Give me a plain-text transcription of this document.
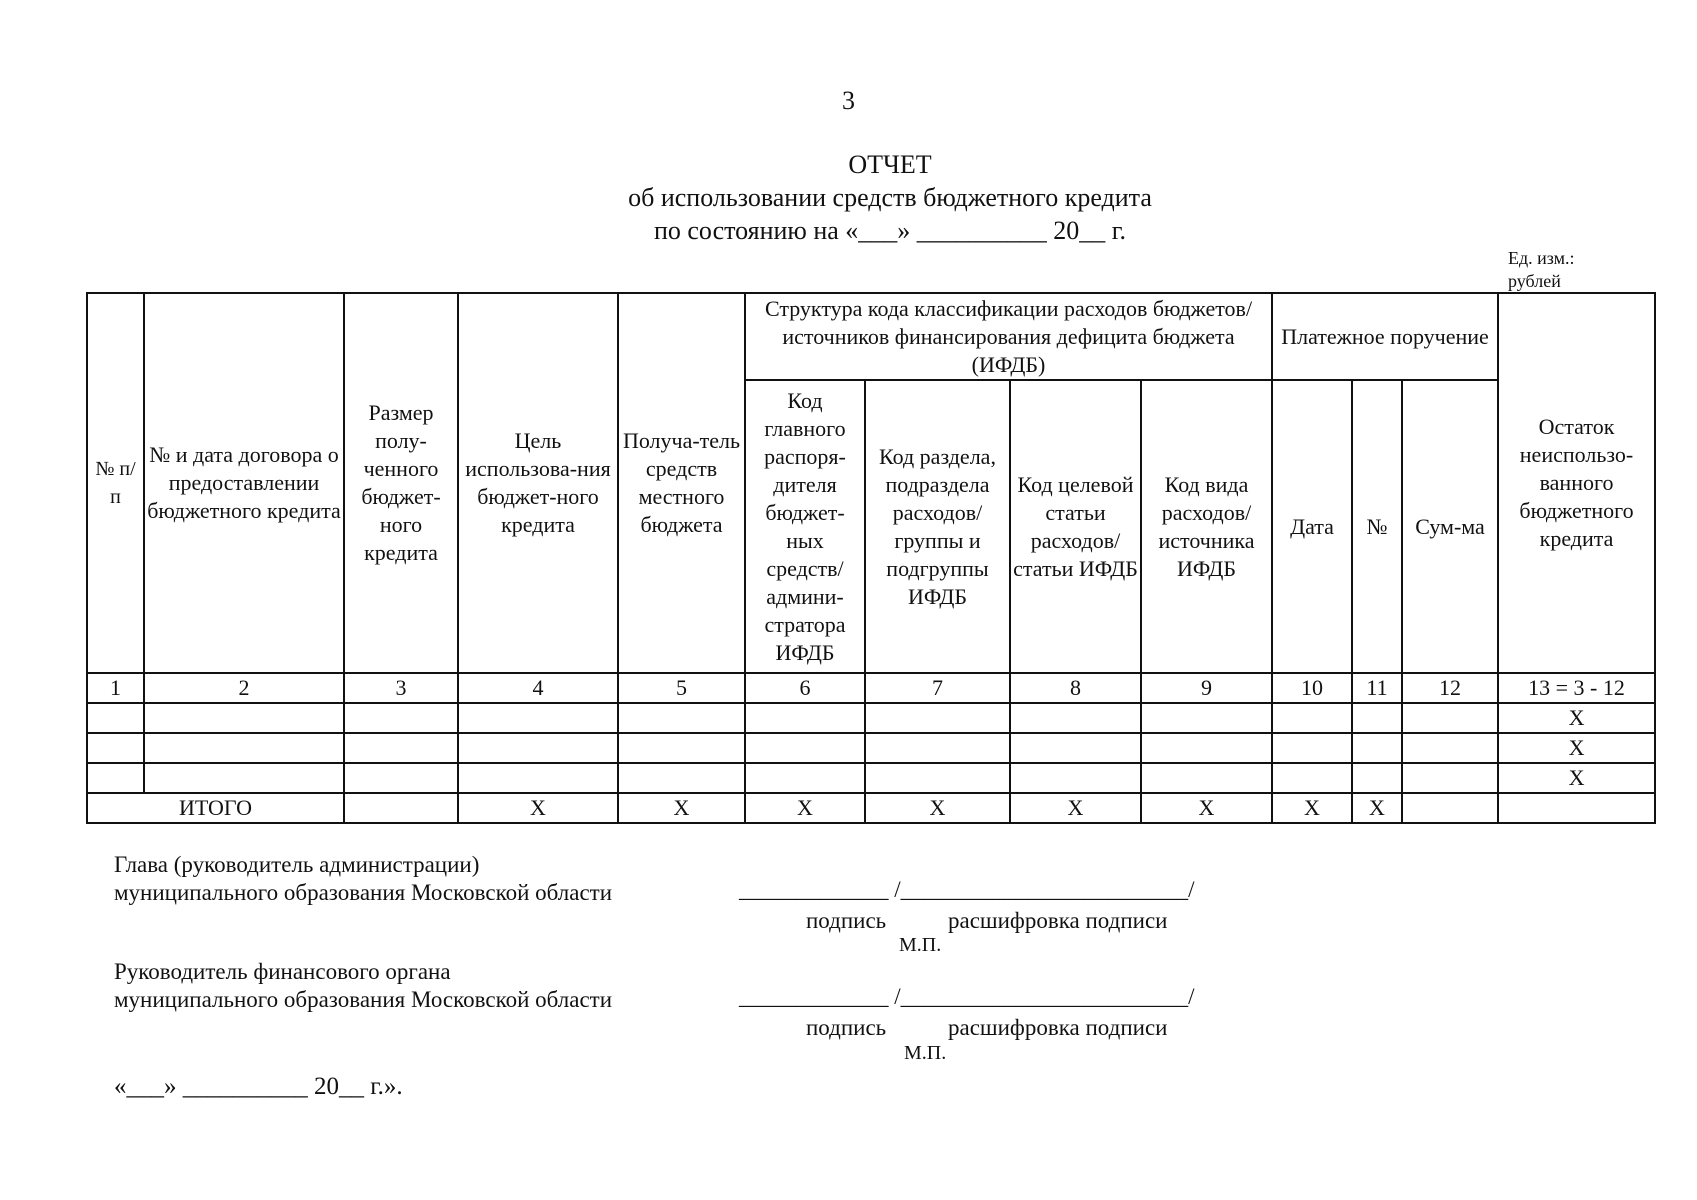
3
ОТЧЕТ
об использовании средств бюджетного кредита
по состоянию на «___» __________ 20__ г.
Ед. изм.:
рублей
№ п/п	№ и дата договора о предоставлении бюджетного кредита	Размер полу-ченного бюджет-ного кредита	Цель использова-ния бюджет-ного кредита	Получа-тель средств местного бюджета	Структура кода классификации расходов бюджетов/ источников финансирования дефицита бюджета (ИФДБ)				Платежное поручение			Остаток неиспользо-ванного бюджетного кредита
					Код главного распоря-дителя бюджет-ных средств/ админи-стратора ИФДБ	Код раздела, подраздела расходов/ группы и подгруппы ИФДБ	Код целевой статьи расходов/ статьи ИФДБ	Код вида расходов/ источника ИФДБ	Дата	№	Сум-ма	
1	2	3	4	5	6	7	8	9	10	11	12	13 = 3 - 12
												X
												X
												X
ИТОГО			X	X	X	X	X	X	X	X		
Глава (руководитель администрации)
муниципального образования Московской области	_____________ /_________________________/
подпись	расшифровка подписи
М.П.
Руководитель финансового органа
муниципального образования Московской области	_____________ /_________________________/
подпись	расшифровка подписи
М.П.
«___» __________ 20__ г.».
